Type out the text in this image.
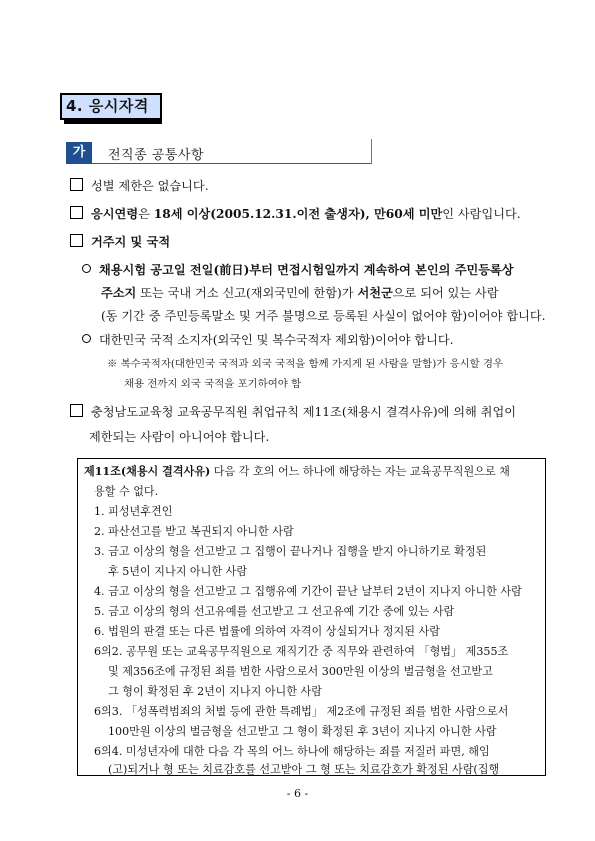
4. 응시자격
가	전직종 공통사항
성별 제한은 없습니다.
응시연령은 18세 이상(2005.12.31.이전 출생자), 만60세 미만인 사람입니다.
거주지 및 국적
채용시험 공고일 전일(前日)부터 면접시험일까지 계속하여 본인의 주민등록상
주소지 또는 국내 거소 신고(재외국민에 한함)가 서천군으로 되어 있는 사람
(동 기간 중 주민등록말소 및 거주 불명으로 등록된 사실이 없어야 함)이어야 합니다.
대한민국 국적 소지자(외국인 및 복수국적자 제외함)이어야 합니다.
※ 복수국적자(대한민국 국적과 외국 국적을 함께 가지게 된 사람을 말함)가 응시할 경우
채용 전까지 외국 국적을 포기하여야 함
충청남도교육청 교육공무직원 취업규칙 제11조(채용시 결격사유)에 의해 취업이
제한되는 사람이 아니어야 합니다.
제11조(채용시 결격사유) 다음 각 호의 어느 하나에 해당하는 자는 교육공무직원으로 채
용할 수 없다.
1. 피성년후견인
2. 파산선고를 받고 복권되지 아니한 사람
3. 금고 이상의 형을 선고받고 그 집행이 끝나거나 집행을 받지 아니하기로 확정된
후 5년이 지나지 아니한 사람
4. 금고 이상의 형을 선고받고 그 집행유예 기간이 끝난 날부터 2년이 지나지 아니한 사람
5. 금고 이상의 형의 선고유예를 선고받고 그 선고유예 기간 중에 있는 사람
6. 법원의 판결 또는 다른 법률에 의하여 자격이 상실되거나 정지된 사람
6의2. 공무원 또는 교육공무직원으로 재직기간 중 직무와 관련하여 「형법」 제355조
및 제356조에 규정된 죄를 범한 사람으로서 300만원 이상의 벌금형을 선고받고
그 형이 확정된 후 2년이 지나지 아니한 사람
6의3. 「성폭력범죄의 처벌 등에 관한 특례법」 제2조에 규정된 죄를 범한 사람으로서
100만원 이상의 벌금형을 선고받고 그 형이 확정된 후 3년이 지나지 아니한 사람
6의4. 미성년자에 대한 다음 각 목의 어느 하나에 해당하는 죄를 저질러 파면, 해임
(고)되거나 형 또는 치료감호를 선고받아 그 형 또는 치료감호가 확정된 사람(집행
- 6 -
